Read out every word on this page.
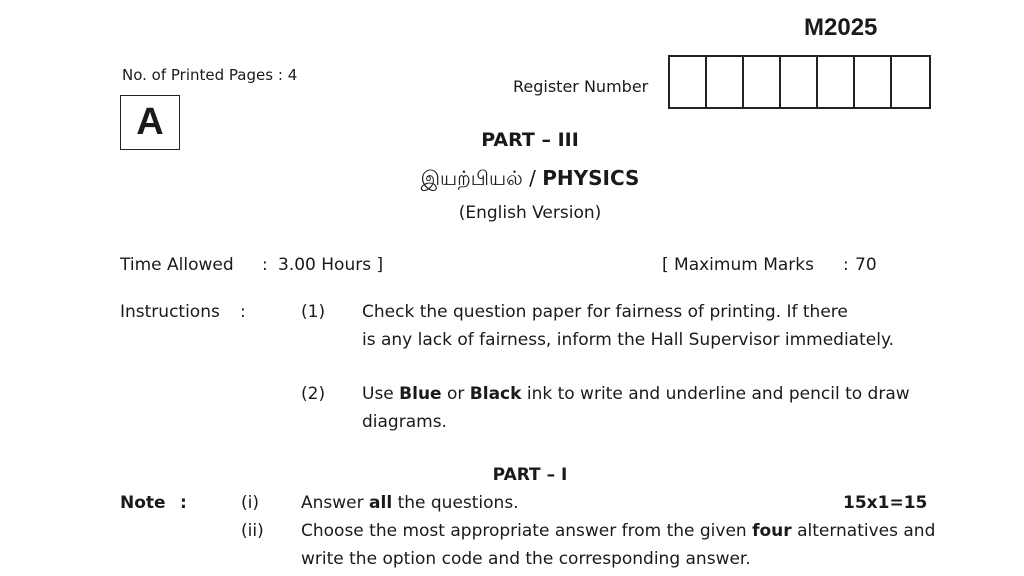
M2025
No. of Printed Pages : 4
Register Number
A	PART – III
இயற்பியல் / PHYSICS
(English Version)
Time Allowed : 3.00 Hours ]	[ Maximum Marks : 70
Instructions :	(1) Check the question paper for fairness of printing. If there
is any lack of fairness, inform the Hall Supervisor immediately.
(2) Use Blue or Black ink to write and underline and pencil to draw
diagrams.
PART – I
Note :	(i) Answer all the questions.	15x1=15
(ii) Choose the most appropriate answer from the given four alternatives and
write the option code and the corresponding answer.
